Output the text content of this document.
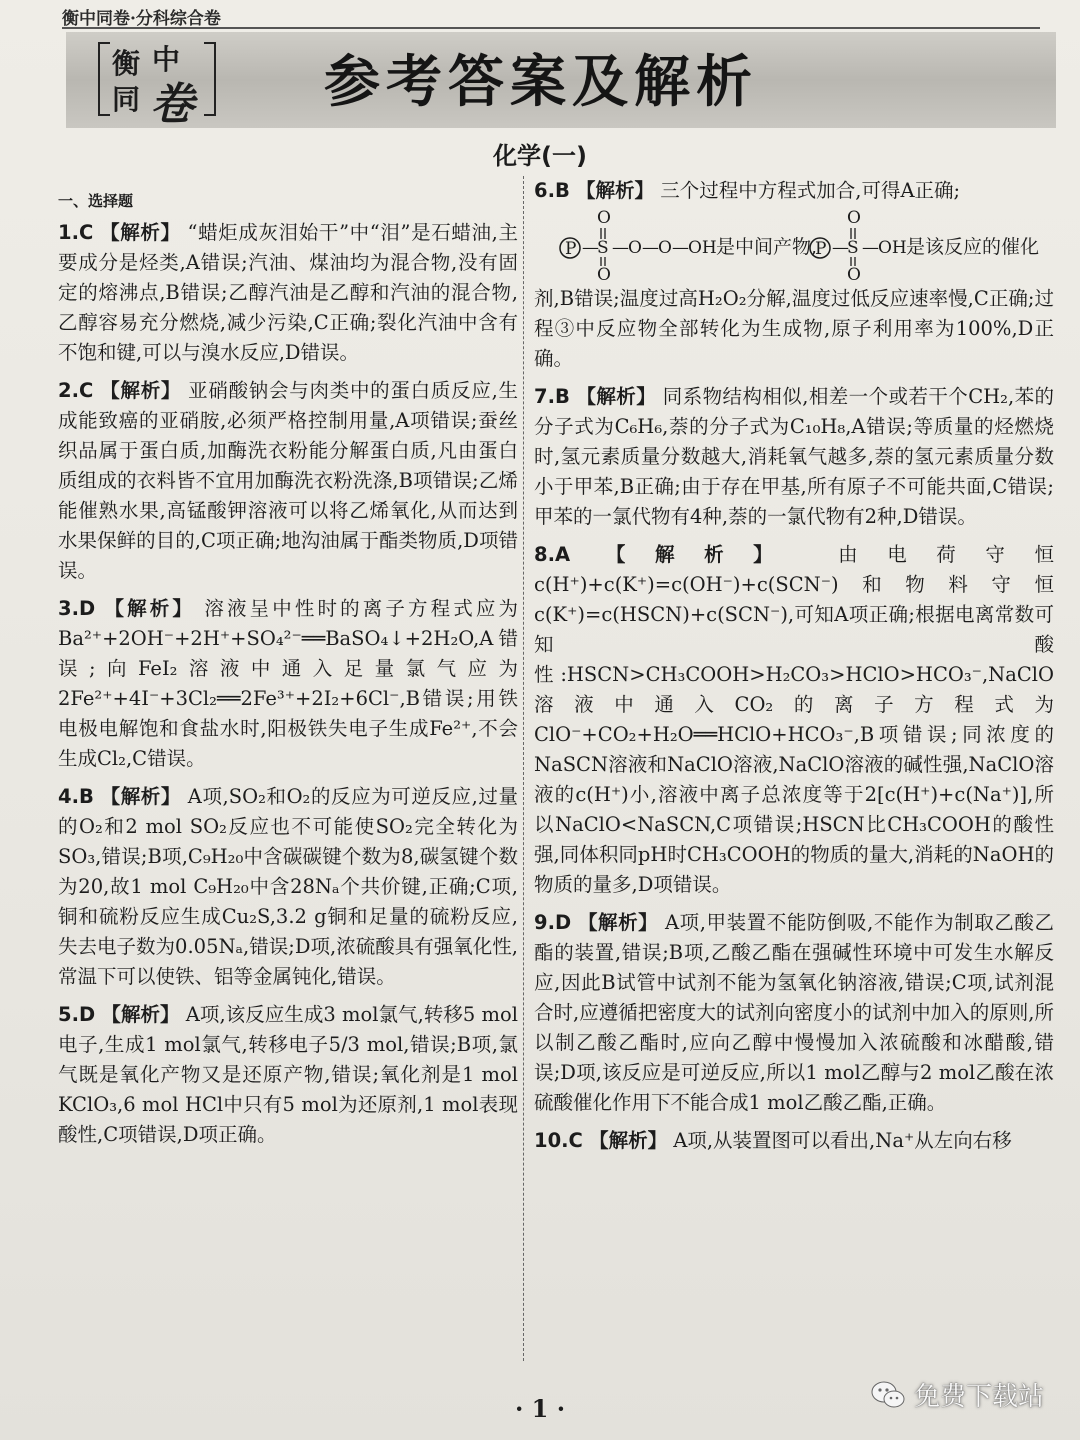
衡中同卷·分科综合卷
衡 中
同 卷 参考答案及解析
化学(一)
一、选择题
1.C 【解析】 “蜡炬成灰泪始干”中“泪”是石蜡油,主要成分是烃类,A错误;汽油、煤油均为混合物,没有固定的熔沸点,B错误;乙醇汽油是乙醇和汽油的混合物,乙醇容易充分燃烧,减少污染,C正确;裂化汽油中含有不饱和键,可以与溴水反应,D错误。
2.C 【解析】 亚硝酸钠会与肉类中的蛋白质反应,生成能致癌的亚硝胺,必须严格控制用量,A项错误;蚕丝织品属于蛋白质,加酶洗衣粉能分解蛋白质,凡由蛋白质组成的衣料皆不宜用加酶洗衣粉洗涤,B项错误;乙烯能催熟水果,高锰酸钾溶液可以将乙烯氧化,从而达到水果保鲜的目的,C项正确;地沟油属于酯类物质,D项错误。
3.D 【解析】 溶液呈中性时的离子方程式应为Ba²⁺+2OH⁻+2H⁺+SO₄²⁻══BaSO₄↓+2H₂O,A错误;向FeI₂溶液中通入足量氯气应为2Fe²⁺+4I⁻+3Cl₂══2Fe³⁺+2I₂+6Cl⁻,B错误;用铁电极电解饱和食盐水时,阳极铁失电子生成Fe²⁺,不会生成Cl₂,C错误。
4.B 【解析】 A项,SO₂和O₂的反应为可逆反应,过量的O₂和2 mol SO₂反应也不可能使SO₂完全转化为SO₃,错误;B项,C₉H₂₀中含碳碳键个数为8,碳氢键个数为20,故1 mol C₉H₂₀中含28Nₐ个共价键,正确;C项,铜和硫粉反应生成Cu₂S,3.2 g铜和足量的硫粉反应,失去电子数为0.05Nₐ,错误;D项,浓硫酸具有强氧化性,常温下可以使铁、铝等金属钝化,错误。
5.D 【解析】 A项,该反应生成3 mol氯气,转移5 mol电子,生成1 mol氯气,转移电子5/3 mol,错误;B项,氯气既是氧化产物又是还原产物,错误;氧化剂是1 mol KClO₃,6 mol HCl中只有5 mol为还原剂,1 mol表现酸性,C项错误,D项正确。
6.B 【解析】 三个过程中方程式加合,可得A正确;
P —
S
O
O
— O — O — OH 是中间产物,
P —
S
O
O
— OH 是该反应的催化
剂,B错误;温度过高H₂O₂分解,温度过低反应速率慢,C正确;过程③中反应物全部转化为生成物,原子利用率为100%,D正确。
7.B 【解析】 同系物结构相似,相差一个或若干个CH₂,苯的分子式为C₆H₆,萘的分子式为C₁₀H₈,A错误;等质量的烃燃烧时,氢元素质量分数越大,消耗氧气越多,萘的氢元素质量分数小于甲苯,B正确;由于存在甲基,所有原子不可能共面,C错误;甲苯的一氯代物有4种,萘的一氯代物有2种,D错误。
8.A 【解析】 由电荷守恒c(H⁺)+c(K⁺)=c(OH⁻)+c(SCN⁻)和物料守恒c(K⁺)=c(HSCN)+c(SCN⁻),可知A项正确;根据电离常数可知酸性:HSCN>CH₃COOH>H₂CO₃>HClO>HCO₃⁻,NaClO溶液中通入CO₂的离子方程式为ClO⁻+CO₂+H₂O══HClO+HCO₃⁻,B项错误;同浓度的NaSCN溶液和NaClO溶液,NaClO溶液的碱性强,NaClO溶液的c(H⁺)小,溶液中离子总浓度等于2[c(H⁺)+c(Na⁺)],所以NaClO<NaSCN,C项错误;HSCN比CH₃COOH的酸性强,同体积同pH时CH₃COOH的物质的量大,消耗的NaOH的物质的量多,D项错误。
9.D 【解析】 A项,甲装置不能防倒吸,不能作为制取乙酸乙酯的装置,错误;B项,乙酸乙酯在强碱性环境中可发生水解反应,因此B试管中试剂不能为氢氧化钠溶液,错误;C项,试剂混合时,应遵循把密度大的试剂向密度小的试剂中加入的原则,所以制乙酸乙酯时,应向乙醇中慢慢加入浓硫酸和冰醋酸,错误;D项,该反应是可逆反应,所以1 mol乙醇与2 mol乙酸在浓硫酸催化作用下不能合成1 mol乙酸乙酯,正确。
10.C 【解析】 A项,从装置图可以看出,Na⁺从左向右移
· 1 ·	免费下载站
